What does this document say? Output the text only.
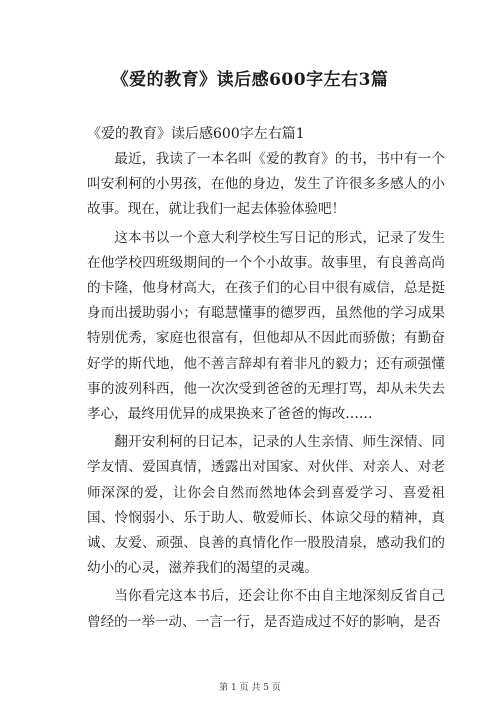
《爱的教育》读后感600字左右3篇
《爱的教育》读后感600字左右篇1

最近，我读了一本名叫《爱的教育》的书，书中有一个叫安利柯的小男孩，在他的身边，发生了许很多多感人的小故事。现在，就让我们一起去体验体验吧！

这本书以一个意大利学校生写日记的形式，记录了发生在他学校四班级期间的一个个小故事。故事里，有良善高尚的卡隆，他身材高大，在孩子们的心目中很有威信，总是挺身而出援助弱小；有聪慧懂事的德罗西，虽然他的学习成果特别优秀，家庭也很富有，但他却从不因此而骄傲；有勤奋好学的斯代地，他不善言辞却有着非凡的毅力；还有顽强懂事的波列科西，他一次次受到爸爸的无理打骂，却从未失去孝心，最终用优异的成果换来了爸爸的悔改……

翻开安利柯的日记本，记录的人生亲情、师生深情、同学友情、爱国真情，透露出对国家、对伙伴、对亲人、对老师深深的爱，让你会自然而然地体会到喜爱学习、喜爱祖国、怜悯弱小、乐于助人、敬爱师长、体谅父母的精神，真诚、友爱、顽强、良善的真情化作一股股清泉，感动我们的幼小的心灵，滋养我们的渴望的灵魂。

当你看完这本书后，还会让你不由自主地深刻反省自己曾经的一举一动、一言一行，是否造成过不好的影响，是否

第 1 页 共 5 页
